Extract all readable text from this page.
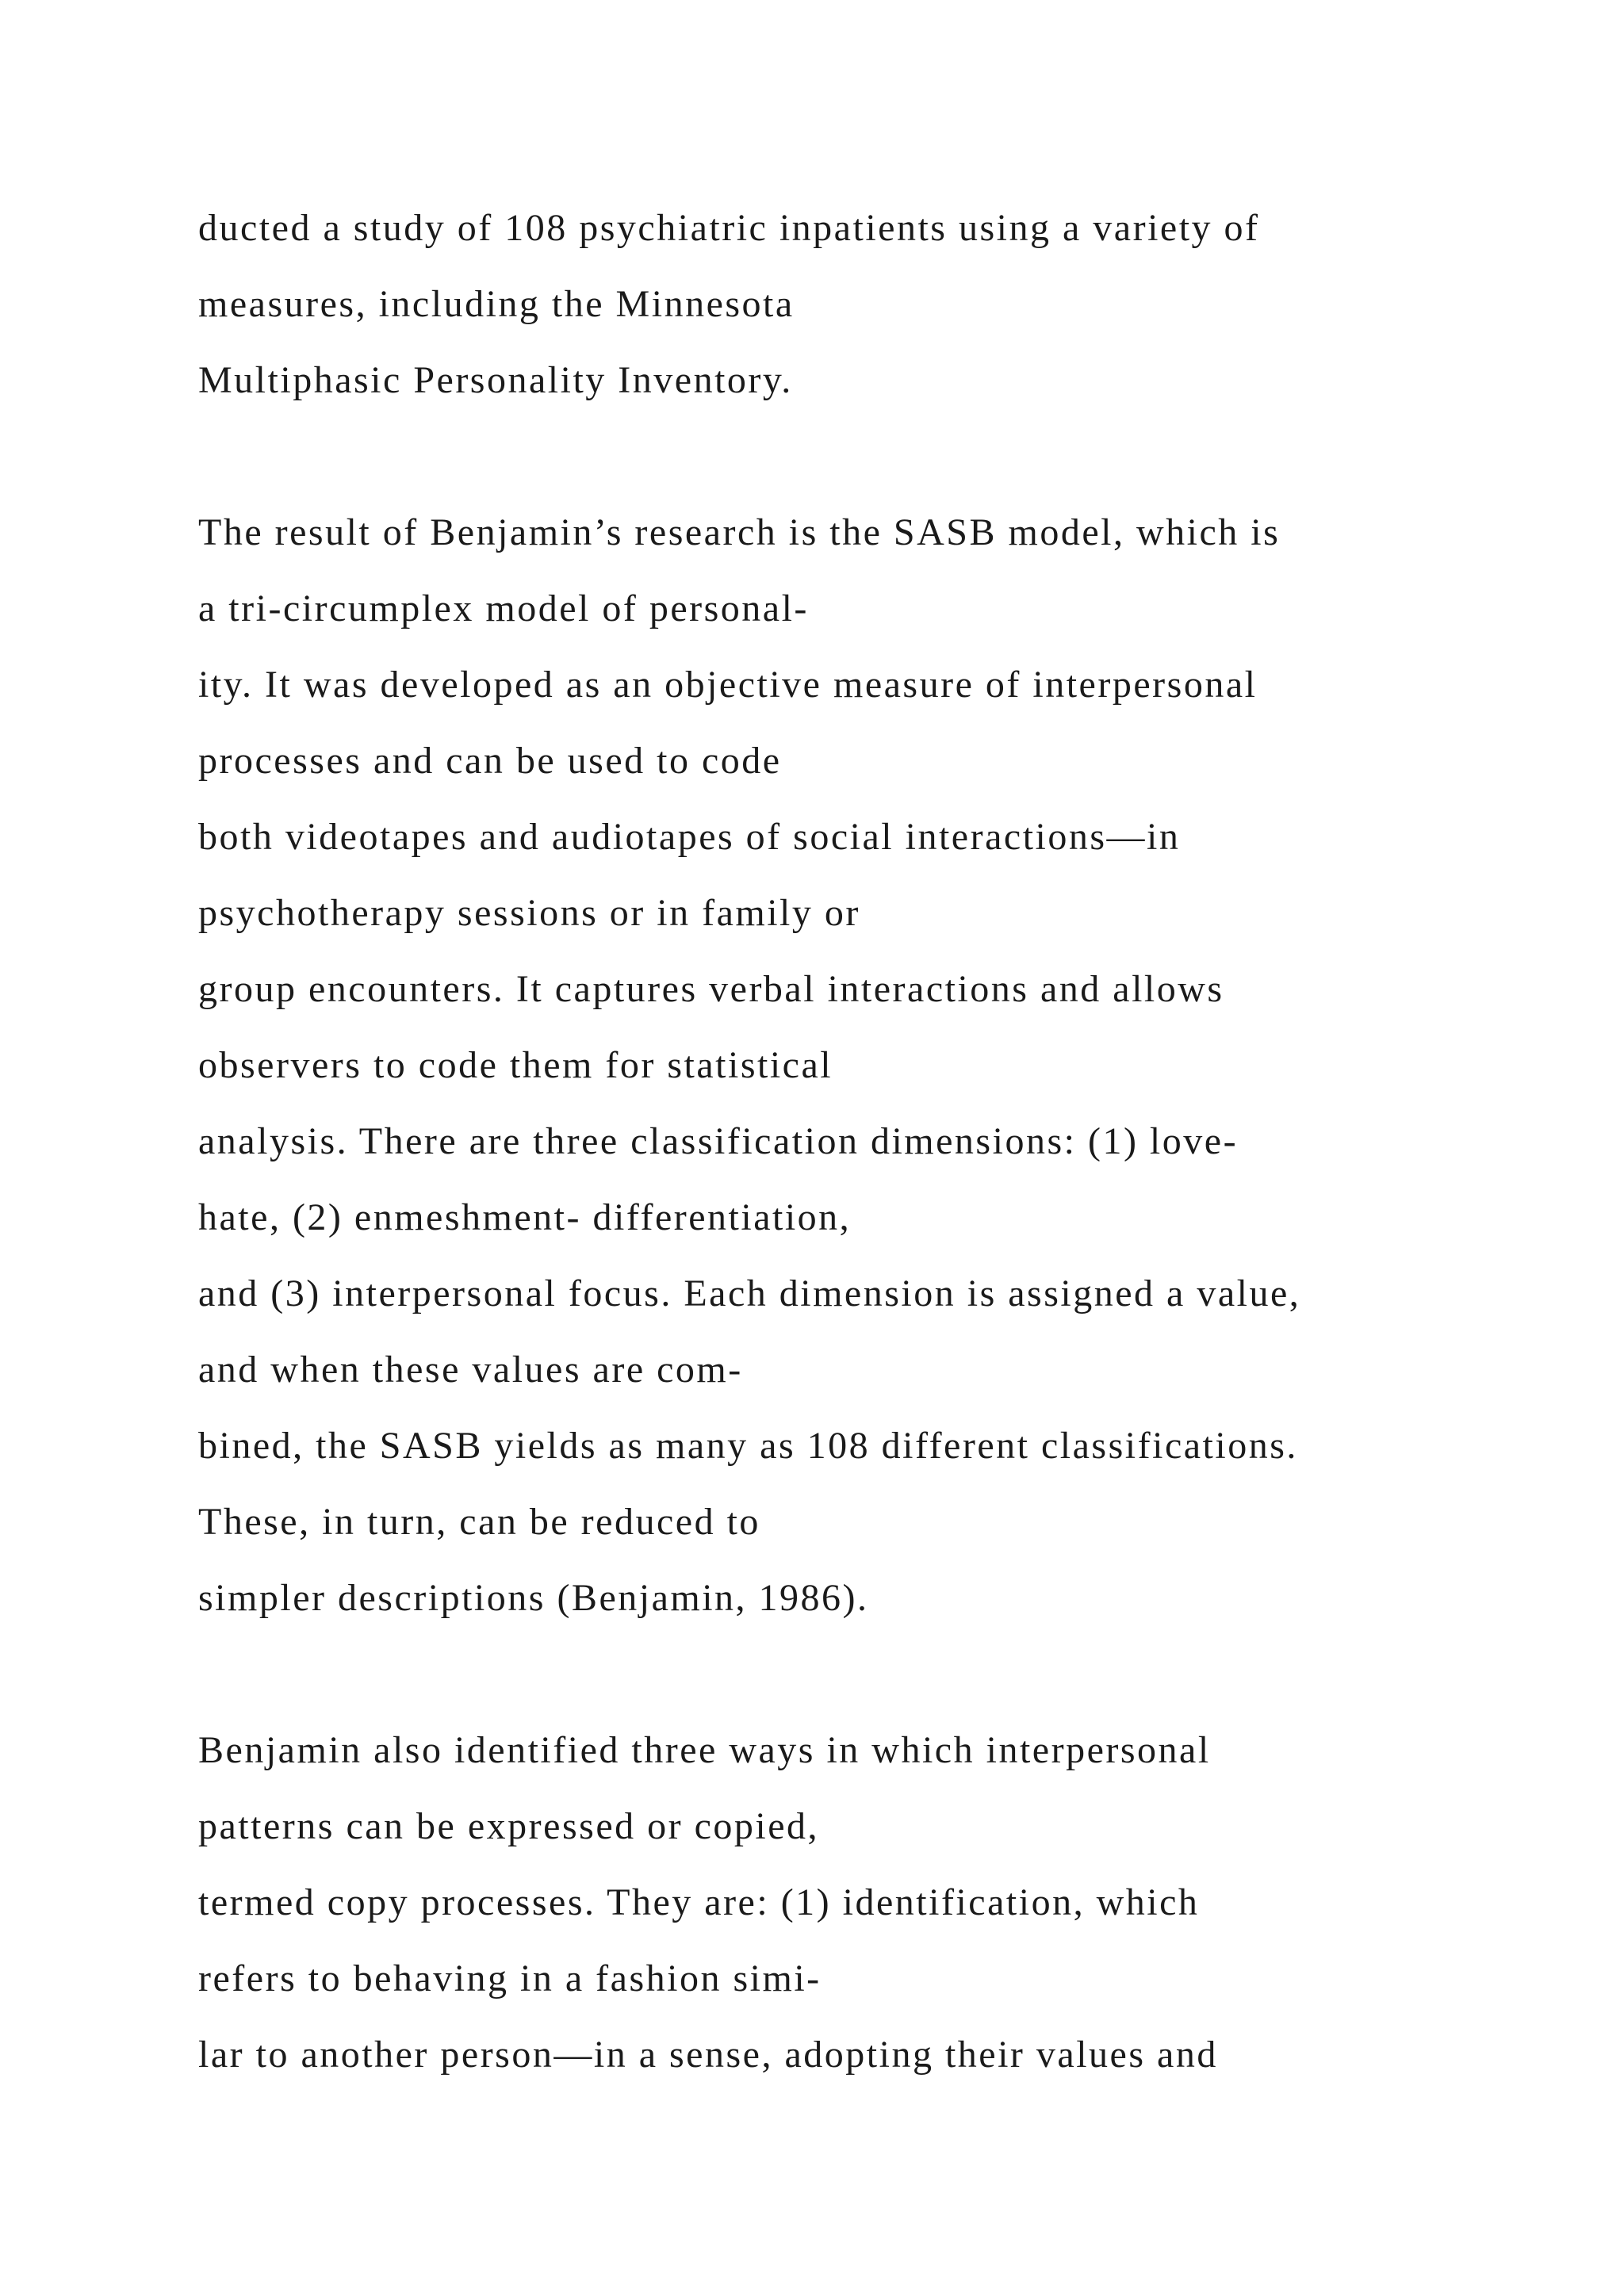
ducted a study of 108 psychiatric inpatients using a variety of
measures, including the Minnesota
Multiphasic Personality Inventory.
The result of Benjamin’s research is the SASB model, which is
a tri-circumplex model of personal-
ity. It was developed as an objective measure of interpersonal
processes and can be used to code
both videotapes and audiotapes of social interactions—in
psychotherapy sessions or in family or
group encounters. It captures verbal interactions and allows
observers to code them for statistical
analysis. There are three classification dimensions: (1) love-
hate, (2) enmeshment- differentiation,
and (3) interpersonal focus. Each dimension is assigned a value,
and when these values are com-
bined, the SASB yields as many as 108 different classifications.
These, in turn, can be reduced to
simpler descriptions (Benjamin, 1986).
Benjamin also identified three ways in which interpersonal
patterns can be expressed or copied,
termed copy processes. They are: (1) identification, which
refers to behaving in a fashion simi-
lar to another person—in a sense, adopting their values and
